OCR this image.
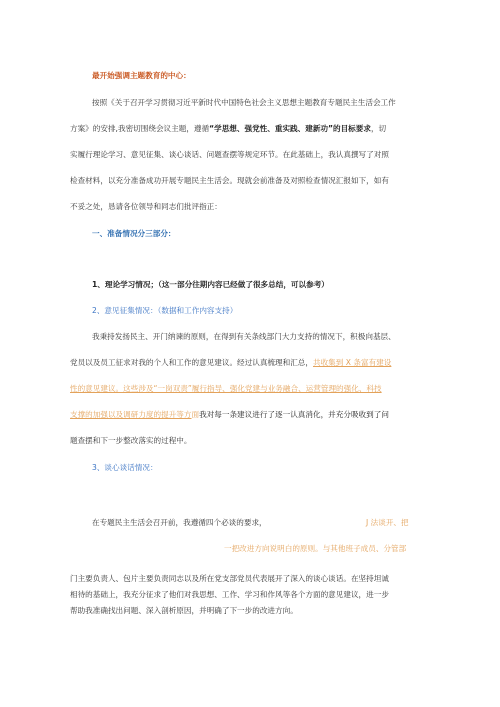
最开始强调主题教育的中心：
按照《关于召开学习贯彻习近平新时代中国特色社会主义思想主题教育专题民主生活会工作
方案》的安排,我密切围绕会议主题，遵循“学思想、强党性、重实践、建新功”的目标要求，切
实履行理论学习、意见征集、谈心谈话、问题查摆等规定环节。在此基础上，我认真撰写了对照
检查材料，以充分准备成功开展专题民主生活会。现就会前准备及对照检查情况汇报如下，如有
不妥之处，恳请各位领导和同志们批评指正：
一、准备情况分三部分：
1、理论学习情况；（这一部分往期内容已经做了很多总结，可以参考）
2、意见征集情况：（数据和工作内容支持）
我秉持发扬民主、开门纳谏的原则，在得到有关条线部门大力支持的情况下，积极向基层、
党员以及员工征求对我的个人和工作的意见建议。经过认真梳理和汇总，共收集到 X 条富有建设
性的意见建议。这些涉及“一岗双责”履行指导、强化党建与业务融合、运营管理的强化、科技
支撑的加强以及调研力度的提升等方面我对每一条建议进行了逐一认真消化，并充分吸收到了问
题查摆和下一步整改落实的过程中。
3、谈心谈话情况：
在专题民主生活会召开前，我遵循四个必谈的要求，	J 法谈开、把
一把改进方向说明白的原则。与其他班子成员、分管部
门主要负责人、包片主要负责同志以及所在党支部党员代表展开了深入的谈心谈话。在坚持坦诚
相待的基础上，我充分征求了他们对我思想、工作、学习和作风等各个方面的意见建议，进一步
帮助我准确找出问题、深入剖析原因，并明确了下一步的改进方向。
